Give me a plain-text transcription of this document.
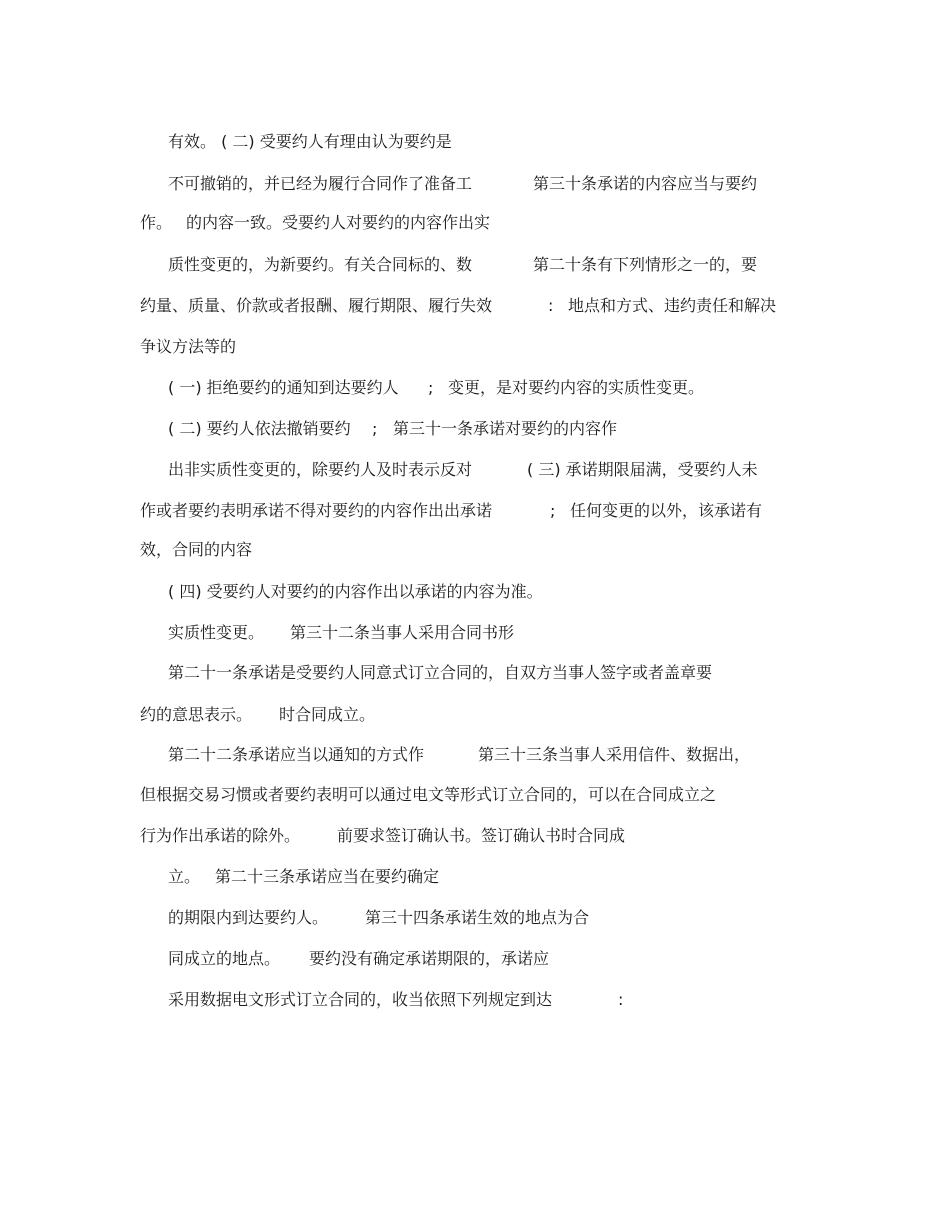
有效。 ( 二) 受要约人有理由认为要约是
不可撤销的，并已经为履行合同作了准备工	第三十条承诺的内容应当与要约
作。 的内容一致。受要约人对要约的内容作出实
质性变更的，为新要约。有关合同标的、数	第二十条有下列情形之一的，要
约量、质量、价款或者报酬、履行期限、履行失效	: 地点和方式、违约责任和解决
争议方法等的
( 一) 拒绝要约的通知到达要约人 ; 变更，是对要约内容的实质性变更。
( 二) 要约人依法撤销要约 ; 第三十一条承诺对要约的内容作
出非实质性变更的，除要约人及时表示反对	( 三) 承诺期限届满，受要约人未
作或者要约表明承诺不得对要约的内容作出出承诺	; 任何变更的以外，该承诺有
效，合同的内容
( 四) 受要约人对要约的内容作出以承诺的内容为准。
实质性变更。 第三十二条当事人采用合同书形
第二十一条承诺是受要约人同意式订立合同的，自双方当事人签字或者盖章要
约的意思表示。 时合同成立。
第二十二条承诺应当以通知的方式作	第三十三条当事人采用信件、数据出，
但根据交易习惯或者要约表明可以通过电文等形式订立合同的，可以在合同成立之
行为作出承诺的除外。 前要求签订确认书。签订确认书时合同成
立。 第二十三条承诺应当在要约确定
的期限内到达要约人。 第三十四条承诺生效的地点为合
同成立的地点。 要约没有确定承诺期限的，承诺应
采用数据电文形式订立合同的，收当依照下列规定到达	:
